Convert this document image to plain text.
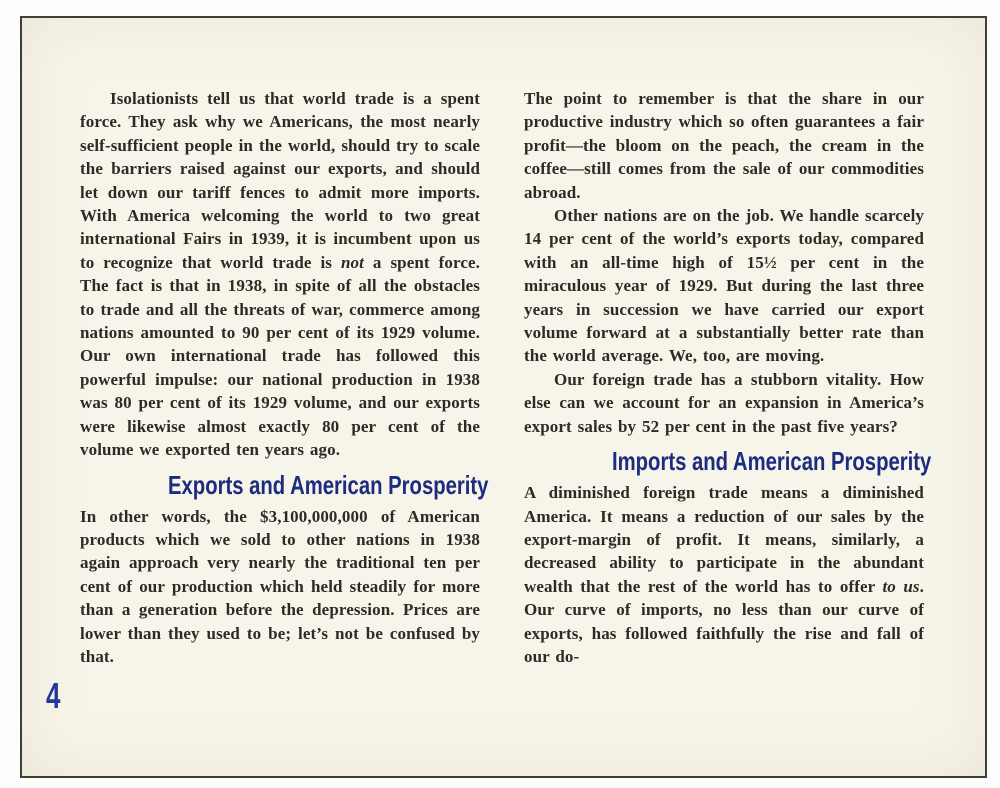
Isolationists tell us that world trade is a spent force. They ask why we Americans, the most nearly self-sufficient people in the world, should try to scale the barriers raised against our exports, and should let down our tariff fences to admit more imports. With America welcoming the world to two great international Fairs in 1939, it is incumbent upon us to recognize that world trade is not a spent force. The fact is that in 1938, in spite of all the obstacles to trade and all the threats of war, commerce among nations amounted to 90 per cent of its 1929 volume. Our own international trade has followed this powerful impulse: our national production in 1938 was 80 per cent of its 1929 volume, and our exports were likewise almost exactly 80 per cent of the volume we exported ten years ago.

Exports and American Prosperity

In other words, the $3,100,000,000 of American products which we sold to other nations in 1938 again approach very nearly the traditional ten per cent of our production which held steadily for more than a generation before the depression. Prices are lower than they used to be; let’s not be confused by that.

The point to remember is that the share in our productive industry which so often guarantees a fair profit—the bloom on the peach, the cream in the coffee—still comes from the sale of our commodities abroad.

Other nations are on the job. We handle scarcely 14 per cent of the world’s exports today, compared with an all-time high of 15½ per cent in the miraculous year of 1929. But during the last three years in succession we have carried our export volume forward at a substantially better rate than the world average. We, too, are moving.

Our foreign trade has a stubborn vitality. How else can we account for an expansion in America’s export sales by 52 per cent in the past five years?

Imports and American Prosperity

A diminished foreign trade means a diminished America. It means a reduction of our sales by the export-margin of profit. It means, similarly, a decreased ability to participate in the abundant wealth that the rest of the world has to offer to us. Our curve of imports, no less than our curve of exports, has followed faithfully the rise and fall of our do-

4
